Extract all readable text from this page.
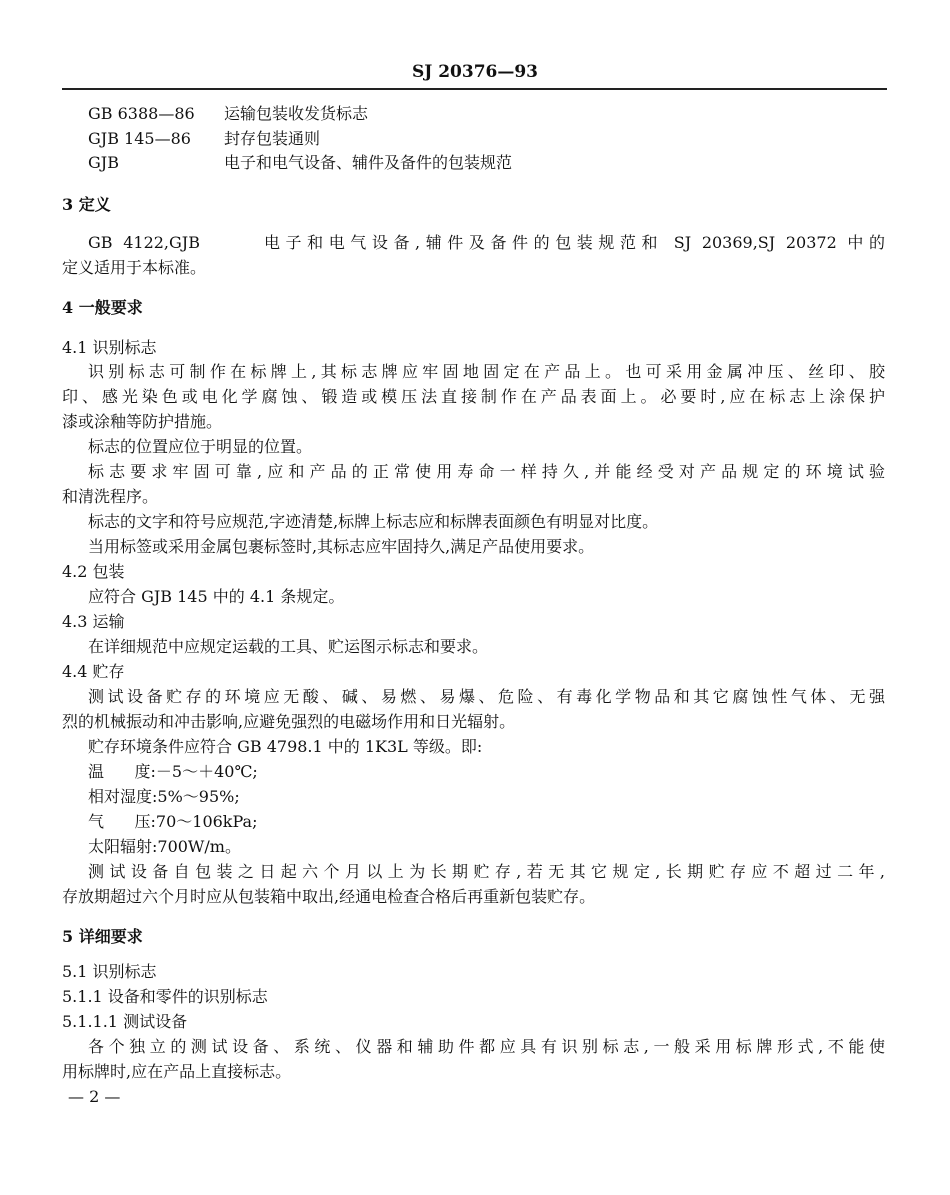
SJ 20376—93
GB 6388—86 运输包装收发货标志
GJB 145—86 封存包装通则
GJB	电子和电气设备、辅件及备件的包装规范
3 定义
GB 4122,GJB      电子和电气设备,辅件及备件的包装规范和 SJ 20369,SJ 20372 中的
定义适用于本标准。
4 一般要求
4.1 识别标志
识别标志可制作在标牌上,其标志牌应牢固地固定在产品上。也可采用金属冲压、丝印、胶
印、感光染色或电化学腐蚀、锻造或模压法直接制作在产品表面上。必要时,应在标志上涂保护
漆或涂釉等防护措施。
标志的位置应位于明显的位置。
标志要求牢固可靠,应和产品的正常使用寿命一样持久,并能经受对产品规定的环境试验
和清洗程序。
标志的文字和符号应规范,字迹清楚,标牌上标志应和标牌表面颜色有明显对比度。
当用标签或采用金属包裹标签时,其标志应牢固持久,满足产品使用要求。
4.2 包装
应符合 GJB 145 中的 4.1 条规定。
4.3 运输
在详细规范中应规定运载的工具、贮运图示标志和要求。
4.4 贮存
测试设备贮存的环境应无酸、碱、易燃、易爆、危险、有毒化学物品和其它腐蚀性气体、无强
烈的机械振动和冲击影响,应避免强烈的电磁场作用和日光辐射。
贮存环境条件应符合 GB 4798.1 中的 1K3L 等级。即:
温      度:－5～＋40℃;
相对湿度:5%～95%;
气      压:70～106kPa;
太阳辐射:700W/m。
测试设备自包装之日起六个月以上为长期贮存,若无其它规定,长期贮存应不超过二年,
存放期超过六个月时应从包装箱中取出,经通电检查合格后再重新包装贮存。
5 详细要求
5.1 识别标志
5.1.1 设备和零件的识别标志
5.1.1.1 测试设备
各个独立的测试设备、系统、仪器和辅助件都应具有识别标志,一般采用标牌形式,不能使
用标牌时,应在产品上直接标志。
— 2 —
